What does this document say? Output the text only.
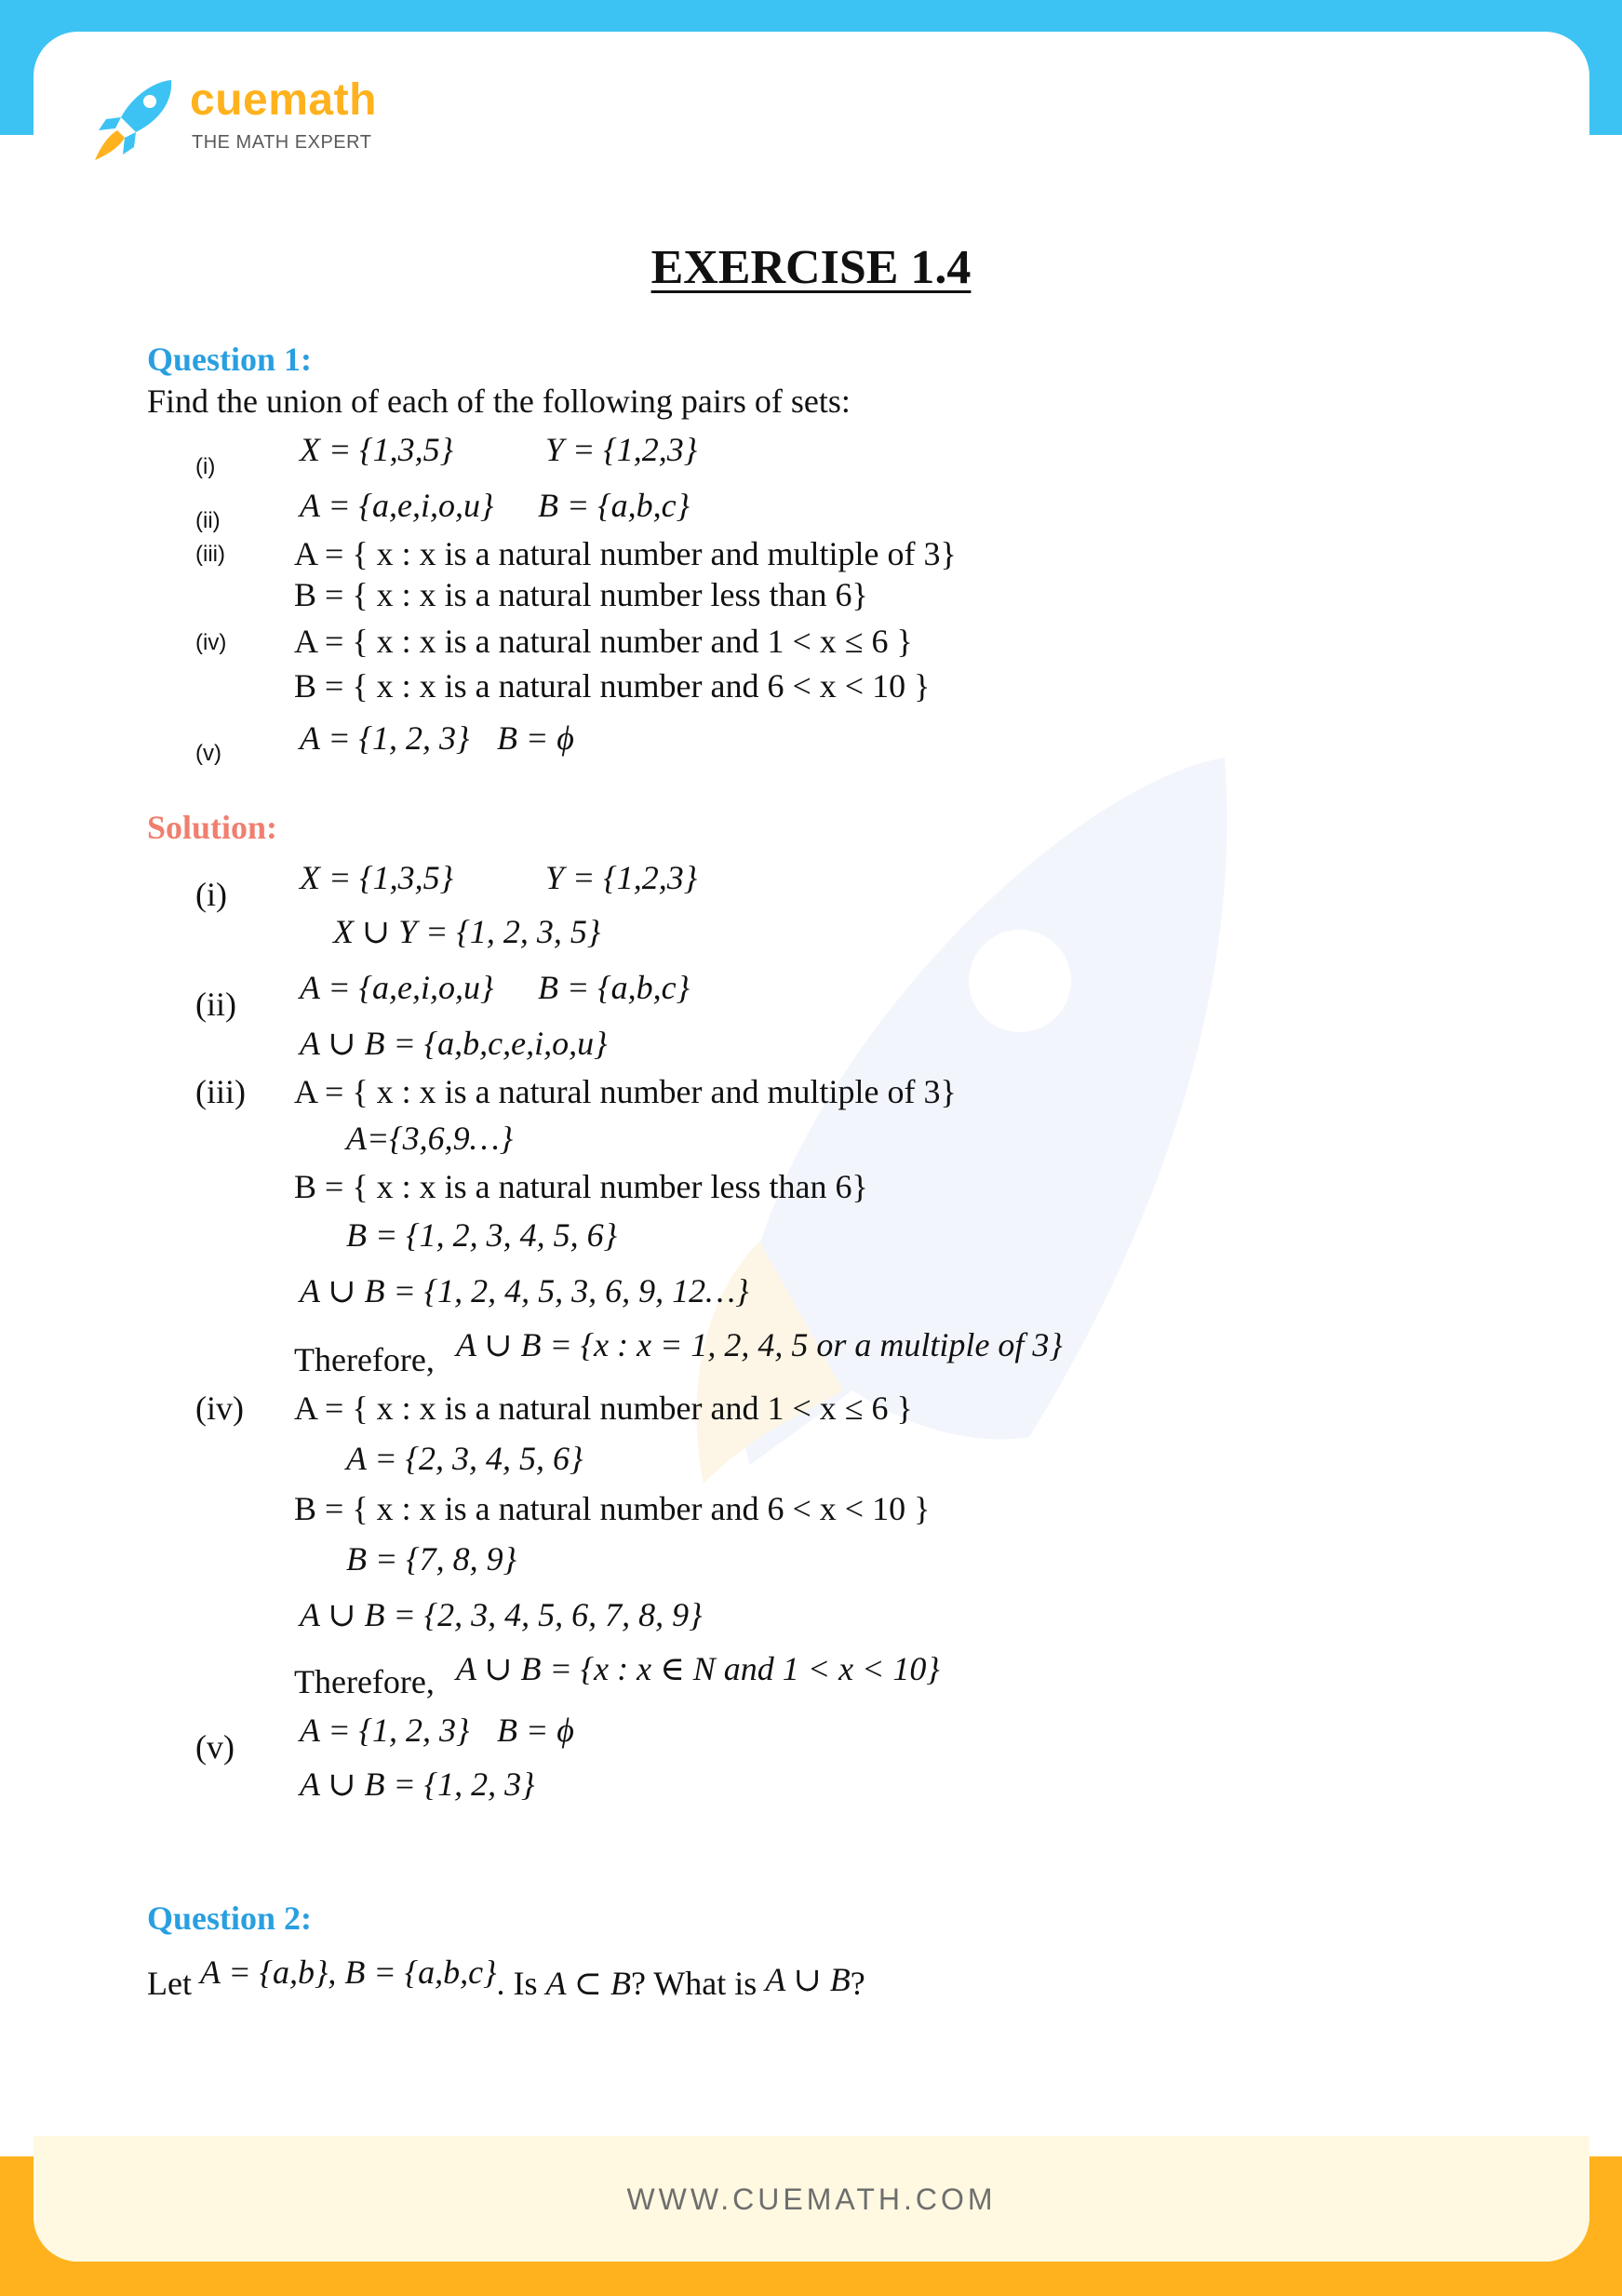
WWW.CUEMATH.COM
cuemath
THE MATH EXPERT
EXERCISE 1.4
Question 1:
Find the union of each of the following pairs of sets:
(i)	X = {1,3,5}	Y = {1,2,3}
(ii) A = {a,e,i,o,u} B = {a,b,c}
(iii) A = { x : x is a natural number and multiple of 3}
B = { x : x is a natural number less than 6}
(iv) A = { x : x is a natural number and 1 < x ≤ 6 }
B = { x : x is a natural number and 6 < x < 10 }
(v) A = {1, 2, 3} B = ϕ
Solution:
(i) X = {1,3,5}	Y = {1,2,3}
X ∪ Y = {1, 2, 3, 5}
(ii) A = {a,e,i,o,u} B = {a,b,c}
A ∪ B = {a,b,c,e,i,o,u}
(iii) A = { x : x is a natural number and multiple of 3}
A={3,6,9…}
B = { x : x is a natural number less than 6}
B = {1, 2, 3, 4, 5, 6}
A ∪ B = {1, 2, 4, 5, 3, 6, 9, 12…}
Therefore, A ∪ B = {x : x = 1, 2, 4, 5 or a multiple of 3}
(iv) A = { x : x is a natural number and 1 < x ≤ 6 }
A = {2, 3, 4, 5, 6}
B = { x : x is a natural number and 6 < x < 10 }
B = {7, 8, 9}
A ∪ B = {2, 3, 4, 5, 6, 7, 8, 9}
Therefore, A ∪ B = {x : x ∈ N and 1 < x < 10}
(v) A = {1, 2, 3} B = ϕ
A ∪ B = {1, 2, 3}
Question 2:
Let A = {a,b}, B = {a,b,c}. Is A ⊂ B? What is A ∪ B?
